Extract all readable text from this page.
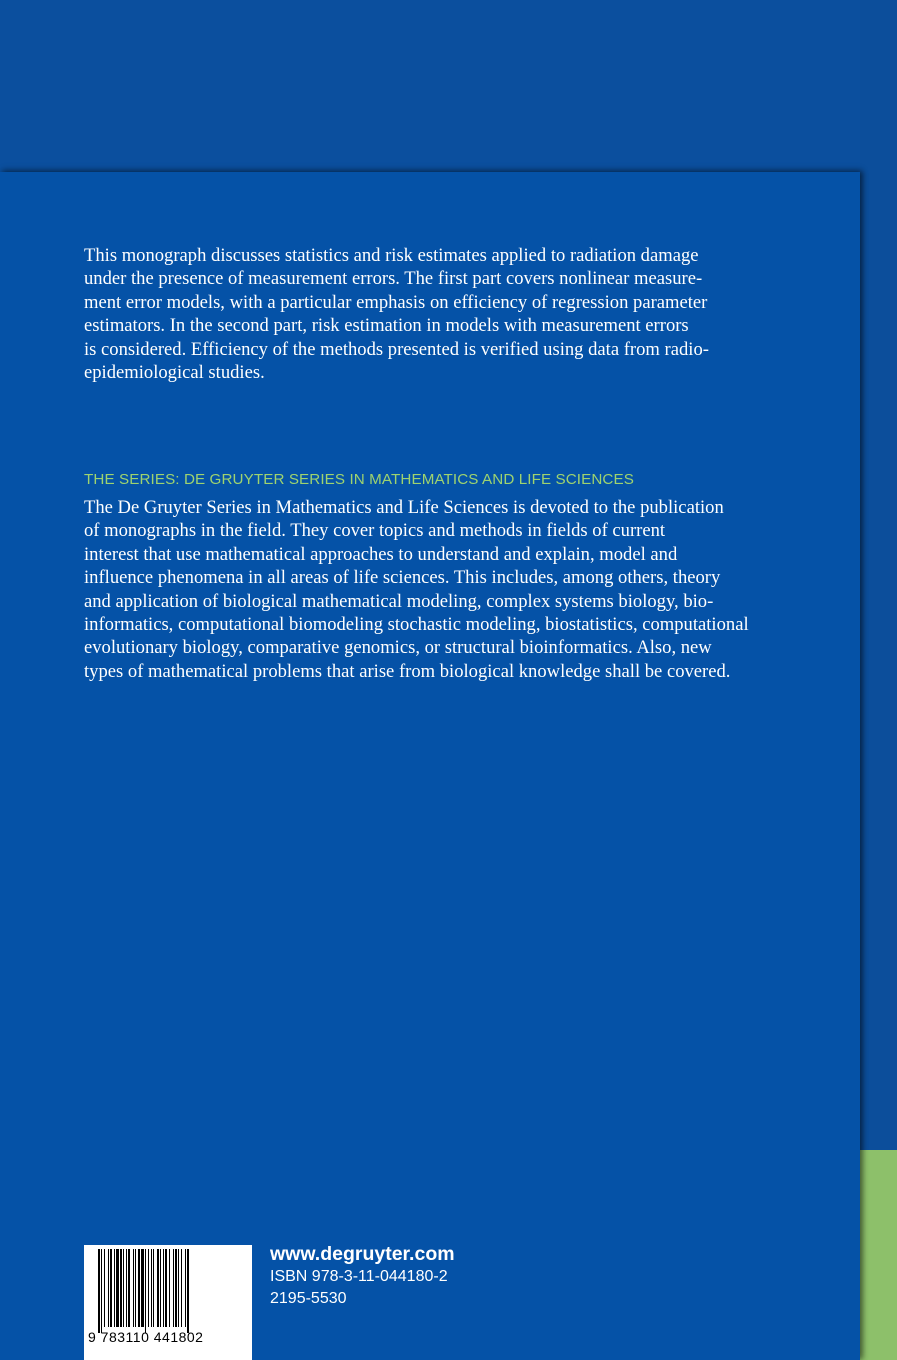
This monograph discusses statistics and risk estimates applied to radiation damage
under the presence of measurement errors. The first part covers nonlinear measure-
ment error models, with a particular emphasis on efficiency of regression parameter
estimators. In the second part, risk estimation in models with measurement errors
is considered. Efficiency of the methods presented is verified using data from radio-
epidemiological studies.
THE SERIES: DE GRUYTER SERIES IN MATHEMATICS AND LIFE SCIENCES
The De Gruyter Series in Mathematics and Life Sciences is devoted to the publication
of monographs in the field. They cover topics and methods in fields of current
interest that use mathematical approaches to understand and explain, model and
influence phenomena in all areas of life sciences. This includes, among others, theory
and application of biological mathematical modeling, complex systems biology, bio-
informatics, computational biomodeling stochastic modeling, biostatistics, computational
evolutionary biology, comparative genomics, or structural bioinformatics. Also, new
types of mathematical problems that arise from biological knowledge shall be covered.
9 783110 441802
www.degruyter.com
ISBN 978-3-11-044180-2
2195-5530
